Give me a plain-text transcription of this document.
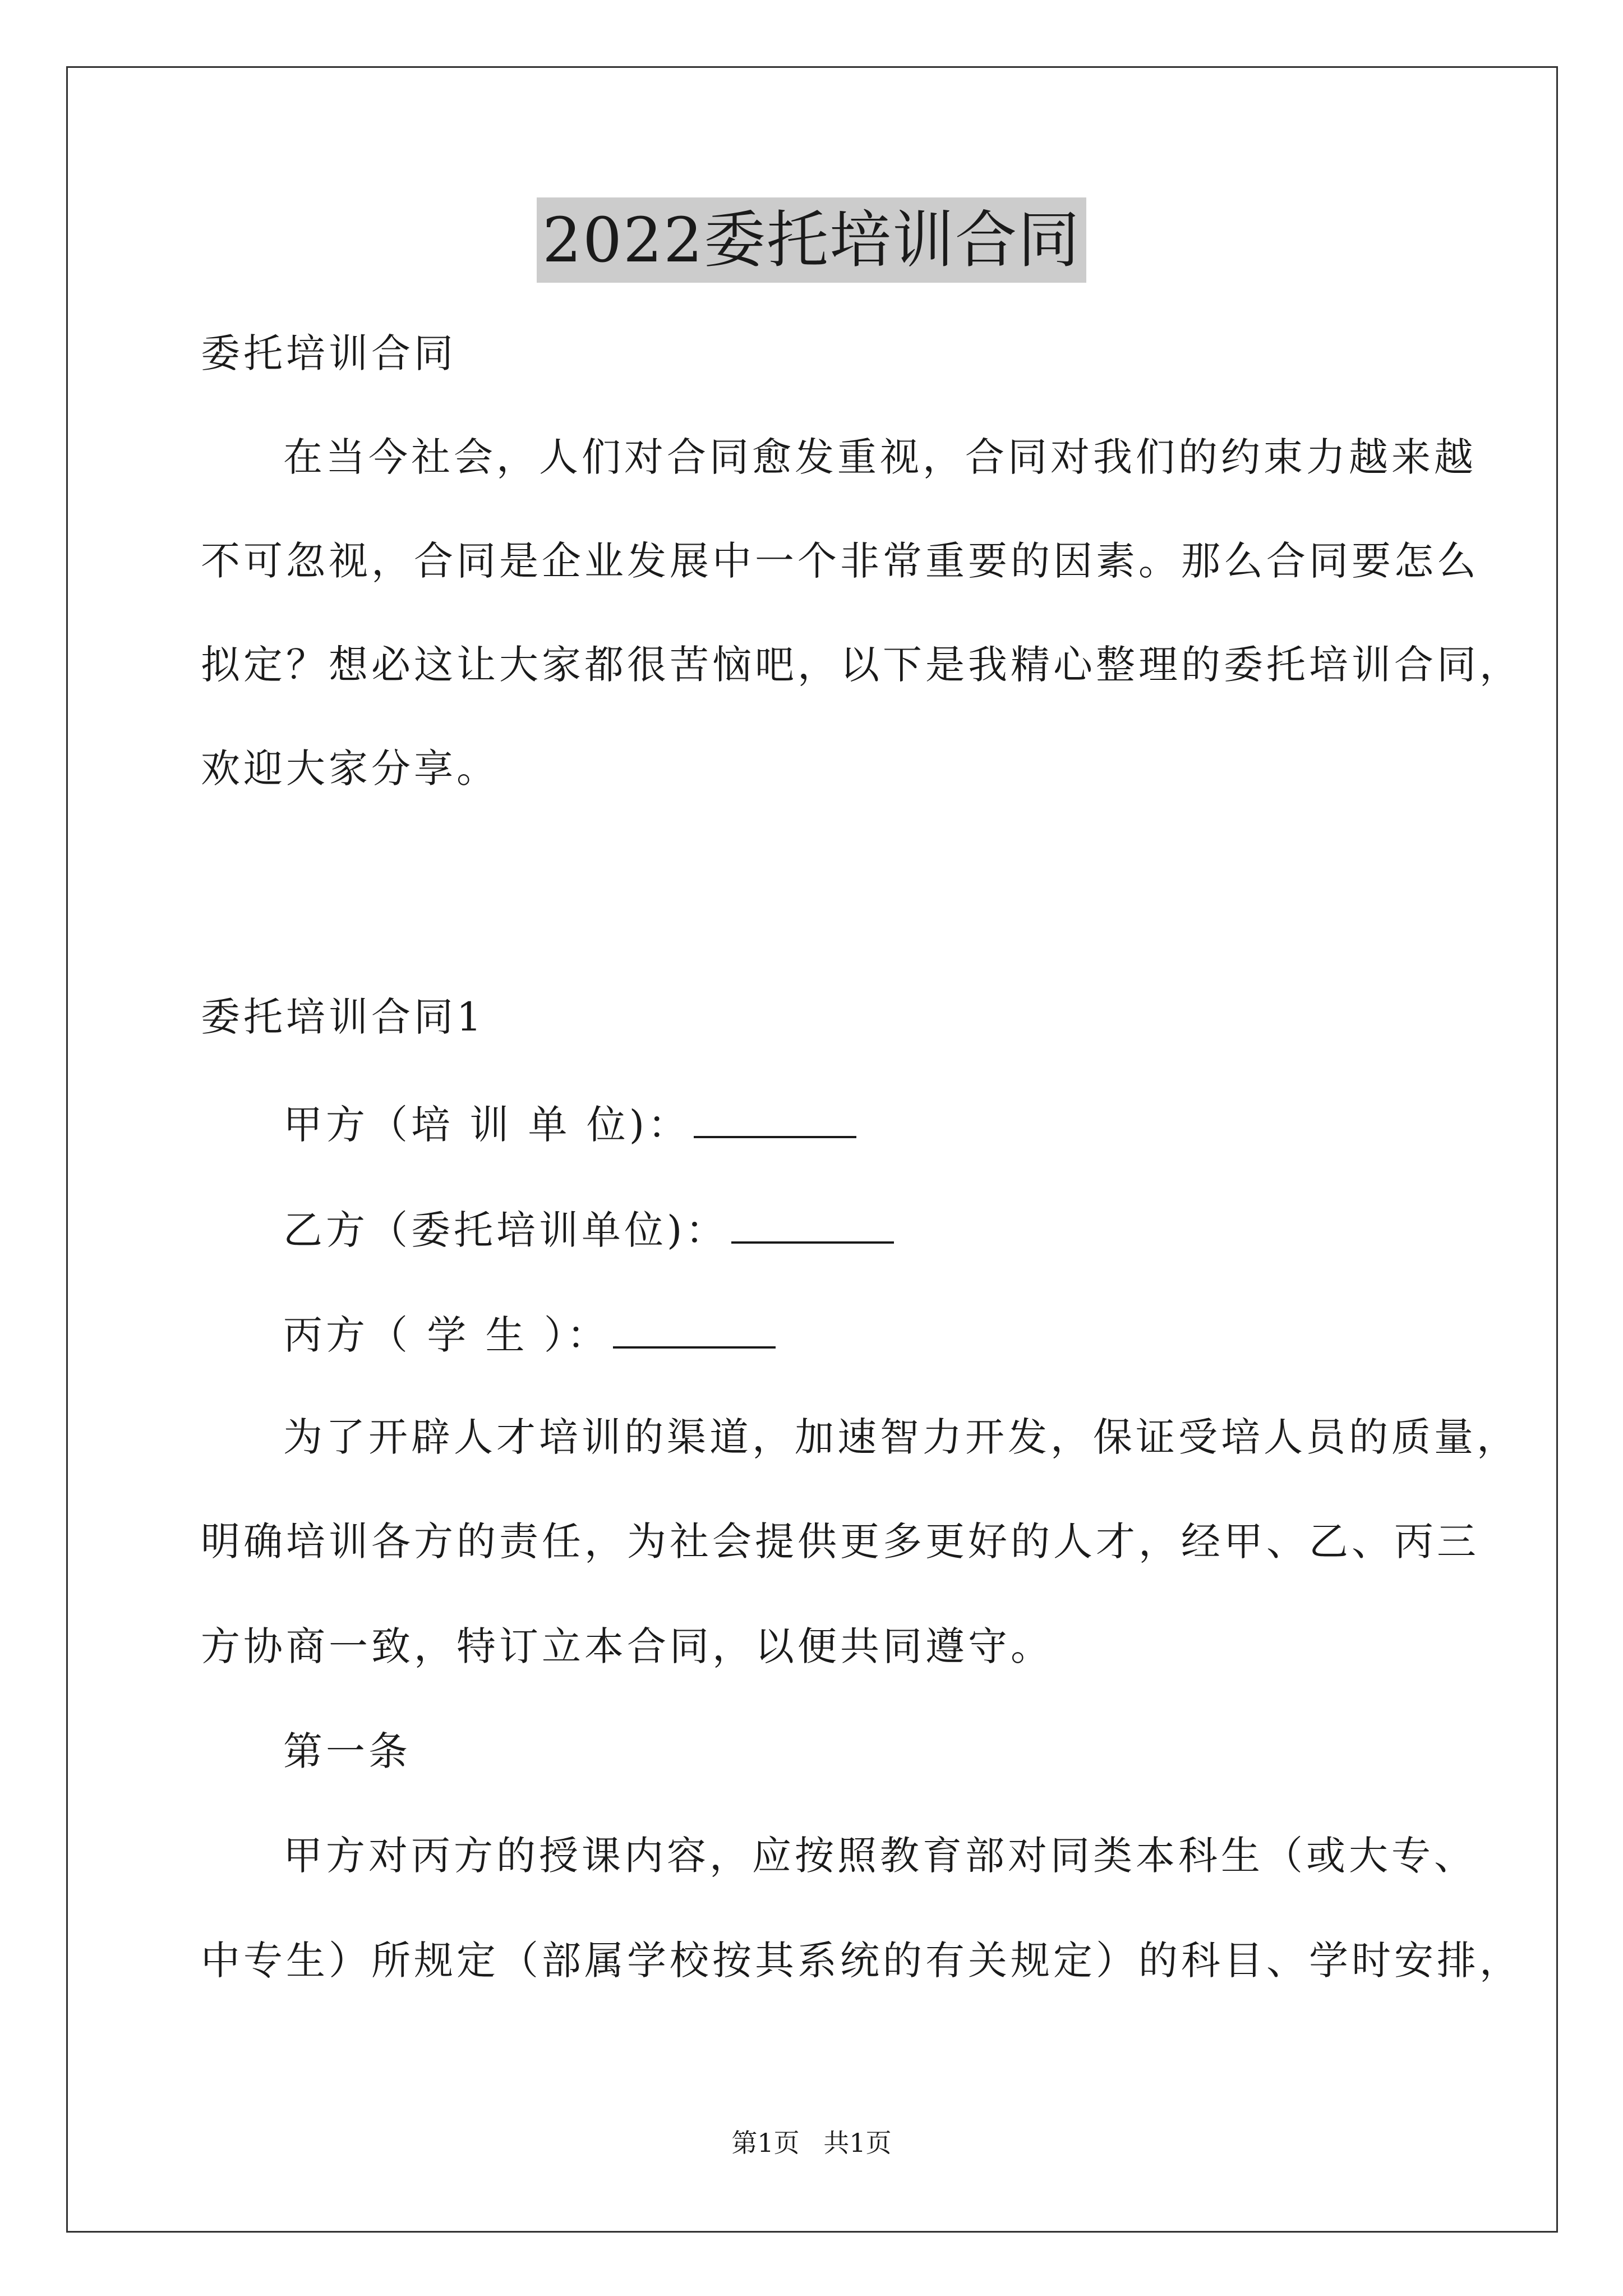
2022委托培训合同
委托培训合同
在当今社会，人们对合同愈发重视，合同对我们的约束力越来越
不可忽视，合同是企业发展中一个非常重要的因素。那么合同要怎么
拟定？想必这让大家都很苦恼吧，以下是我精心整理的委托培训合同，
欢迎大家分享。
委托培训合同1
甲方（培 训 单 位)：
乙方（委托培训单位)：
丙方（ 学 生 ）：
为了开辟人才培训的渠道，加速智力开发，保证受培人员的质量，
明确培训各方的责任，为社会提供更多更好的人才，经甲、乙、丙三
方协商一致，特订立本合同，以便共同遵守。
第一条
甲方对丙方的授课内容，应按照教育部对同类本科生（或大专、
中专生）所规定（部属学校按其系统的有关规定）的科目、学时安排，
第1页 共1页
